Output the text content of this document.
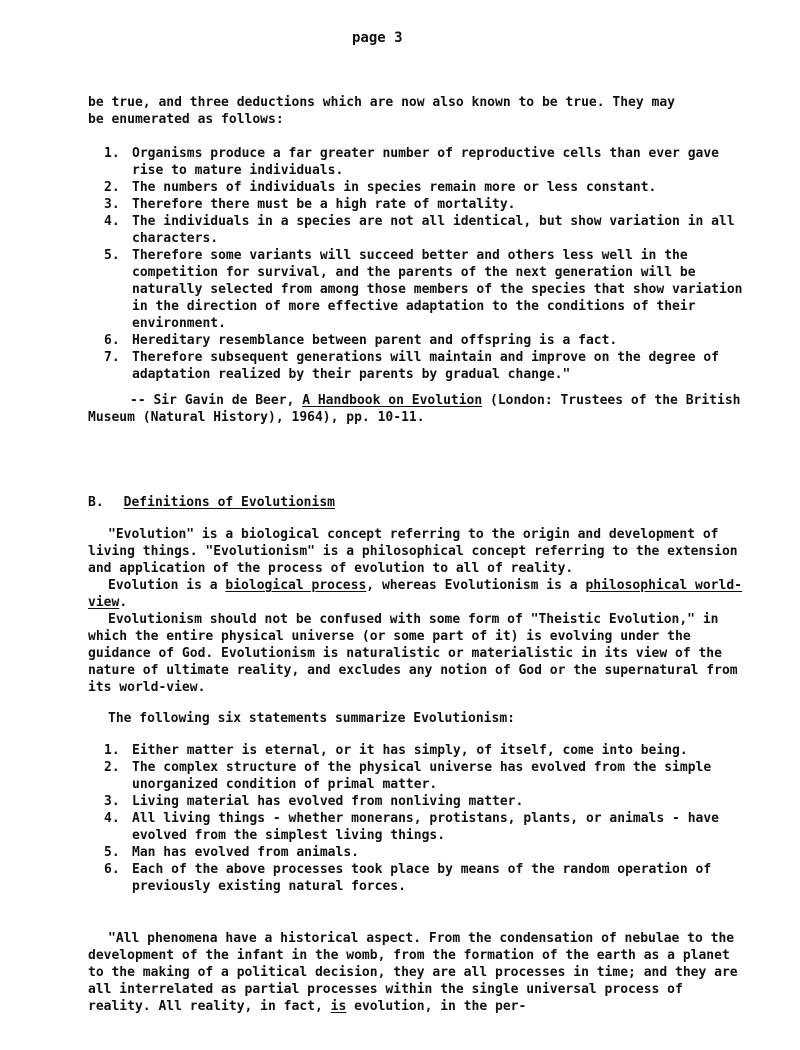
page 3

be true, and three deductions which are now also known to be true. They may

be enumerated as follows:

1. Organisms produce a far greater number of reproductive cells than ever gave rise to mature individuals.
2. The numbers of individuals in species remain more or less constant.
3. Therefore there must be a high rate of mortality.
4. The individuals in a species are not all identical, but show variation in all characters.
5. Therefore some variants will succeed better and others less well in the competition for survival, and the parents of the next generation will be naturally selected from among those members of the species that show variation in the direction of more effective adaptation to the conditions of their environment.
6. Hereditary resemblance between parent and offspring is a fact.
7. Therefore subsequent generations will maintain and improve on the degree of adaptation realized by their parents by gradual change."

-- Sir Gavin de Beer, A Handbook on Evolution (London: Trustees of the British Museum (Natural History), 1964), pp. 10-11.

B. Definitions of Evolutionism

"Evolution" is a biological concept referring to the origin and development of living things. "Evolutionism" is a philosophical concept referring to the extension and application of the process of evolution to all of reality.

Evolution is a biological process, whereas Evolutionism is a philosophical world-view.

Evolutionism should not be confused with some form of "Theistic Evolution," in which the entire physical universe (or some part of it) is evolving under the guidance of God. Evolutionism is naturalistic or materialistic in its view of the nature of ultimate reality, and excludes any notion of God or the supernatural from its world-view.

The following six statements summarize Evolutionism:
1. Either matter is eternal, or it has simply, of itself, come into being.
2. The complex structure of the physical universe has evolved from the simple unorganized condition of primal matter.
3. Living material has evolved from nonliving matter.
4. All living things - whether monerans, protistans, plants, or animals - have evolved from the simplest living things.
5. Man has evolved from animals.
6. Each of the above processes took place by means of the random operation of previously existing natural forces.

"All phenomena have a historical aspect. From the condensation of nebulae to the development of the infant in the womb, from the formation of the earth as a planet to the making of a political decision, they are all processes in time; and they are all interrelated as partial processes within the single universal process of reality. All reality, in fact, is evolution, in the per-
